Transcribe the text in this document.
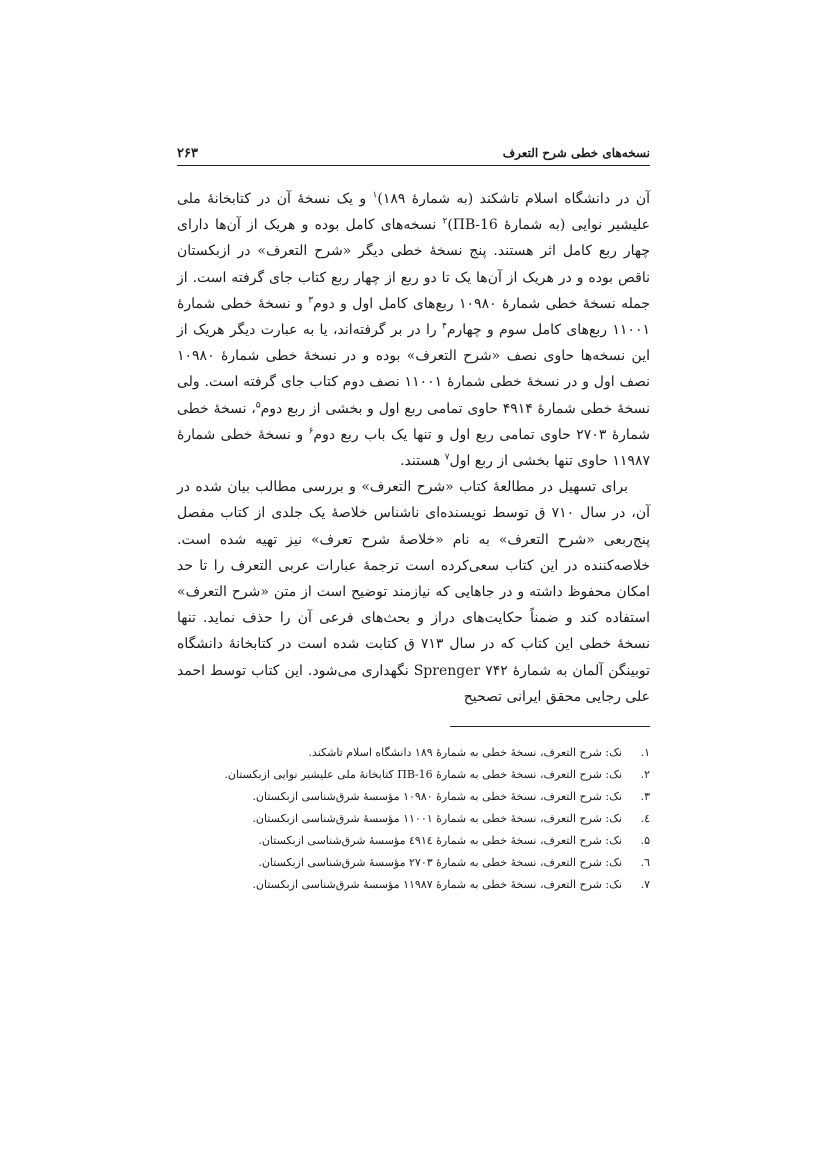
نسخه‌های خطی شرح التعرف
۲۶۳

آن در دانشگاه اسلام تاشکند (به شمارۀ ۱۸۹)$^۱$ و یک نسخۀ آن در کتابخانۀ ملی علیشیر نوایی (به شمارۀ ПВ-16)$^۲$ نسخه‌های کامل بوده و هریک از آن‌ها دارای چهار ربع کامل اثر هستند. پنج نسخۀ خطی دیگر «شرح التعرف» در ازبکستان ناقص بوده و در هریک از آن‌ها یک تا دو ربع از چهار ربع کتاب جای گرفته است. از جمله نسخۀ خطی شمارۀ ۱۰۹۸۰ ربع‌های کامل اول و دوم$^۳$ و نسخۀ خطی شمارۀ ۱۱۰۰۱ ربع‌های کامل سوم و چهارم$^۴$ را در بر گرفته‌اند، یا به عبارت دیگر هریک از این نسخه‌ها حاوی نصف «شرح التعرف» بوده و در نسخۀ خطی شمارۀ ۱۰۹۸۰ نصف اول و در نسخۀ خطی شمارۀ ۱۱۰۰۱ نصف دوم کتاب جای گرفته است. ولی نسخۀ خطی شمارۀ ۴۹۱۴ حاوی تمامی ربع اول و بخشی از ربع دوم$^۵$، نسخۀ خطی شمارۀ ۲۷۰۳ حاوی تمامی ربع اول و تنها یک باب ربع دوم$^۶$ و نسخۀ خطی شمارۀ ۱۱۹۸۷ حاوی تنها بخشی از ربع اول$^۷$ هستند.

برای تسهیل در مطالعۀ کتاب «شرح التعرف» و بررسی مطالب بیان شده در آن، در سال ۷۱۰ ق توسط نویسنده‌ای ناشناس خلاصۀ یک جلدی از کتاب مفصل پنج‌ربعی «شرح التعرف» به نام «خلاصۀ شرح تعرف» نیز تهیه شده است. خلاصه‌کننده در این کتاب سعی‌کرده است ترجمۀ عبارات عربی التعرف را تا حد امکان محفوظ داشته و در جاهایی که نیازمند توضیح است از متن «شرح التعرف» استفاده کند و ضمناً حکایت‌های دراز و بحث‌های فرعی آن را حذف نماید. تنها نسخۀ خطی این کتاب که در سال ۷۱۳ ق کتابت شده است در کتابخانۀ دانشگاه توبینگن آلمان به شمارۀ ۷۴۲ Sprenger نگهداری می‌شود. این کتاب توسط احمد علی رجایی محقق ایرانی تصحیح

۱.
نک: شرح التعرف، نسخۀ خطی به شمارۀ ۱۸۹ دانشگاه اسلام تاشکند.
۲.
نک: شرح التعرف، نسخۀ خطی به شمارۀ ПВ-16 کتابخانۀ ملی علیشیر نوایی ازبکستان.
۳.
نک: شرح التعرف، نسخۀ خطی به شمارۀ ۱۰۹۸۰ مؤسسۀ شرق‌شناسی ازبکستان.
٤.
نک: شرح التعرف، نسخۀ خطی به شمارۀ ۱۱۰۰۱ مؤسسۀ شرق‌شناسی ازبکستان.
۵.
نک: شرح التعرف، نسخۀ خطی به شمارۀ ٤۹۱٤ مؤسسۀ شرق‌شناسی ازبکستان.
٦.
نک: شرح التعرف، نسخۀ خطی به شمارۀ ۲۷۰۳ مؤسسۀ شرق‌شناسی ازبکستان.
۷.
نک: شرح التعرف، نسخۀ خطی به شمارۀ ۱۱۹۸۷ مؤسسۀ شرق‌شناسی ازبکستان.
